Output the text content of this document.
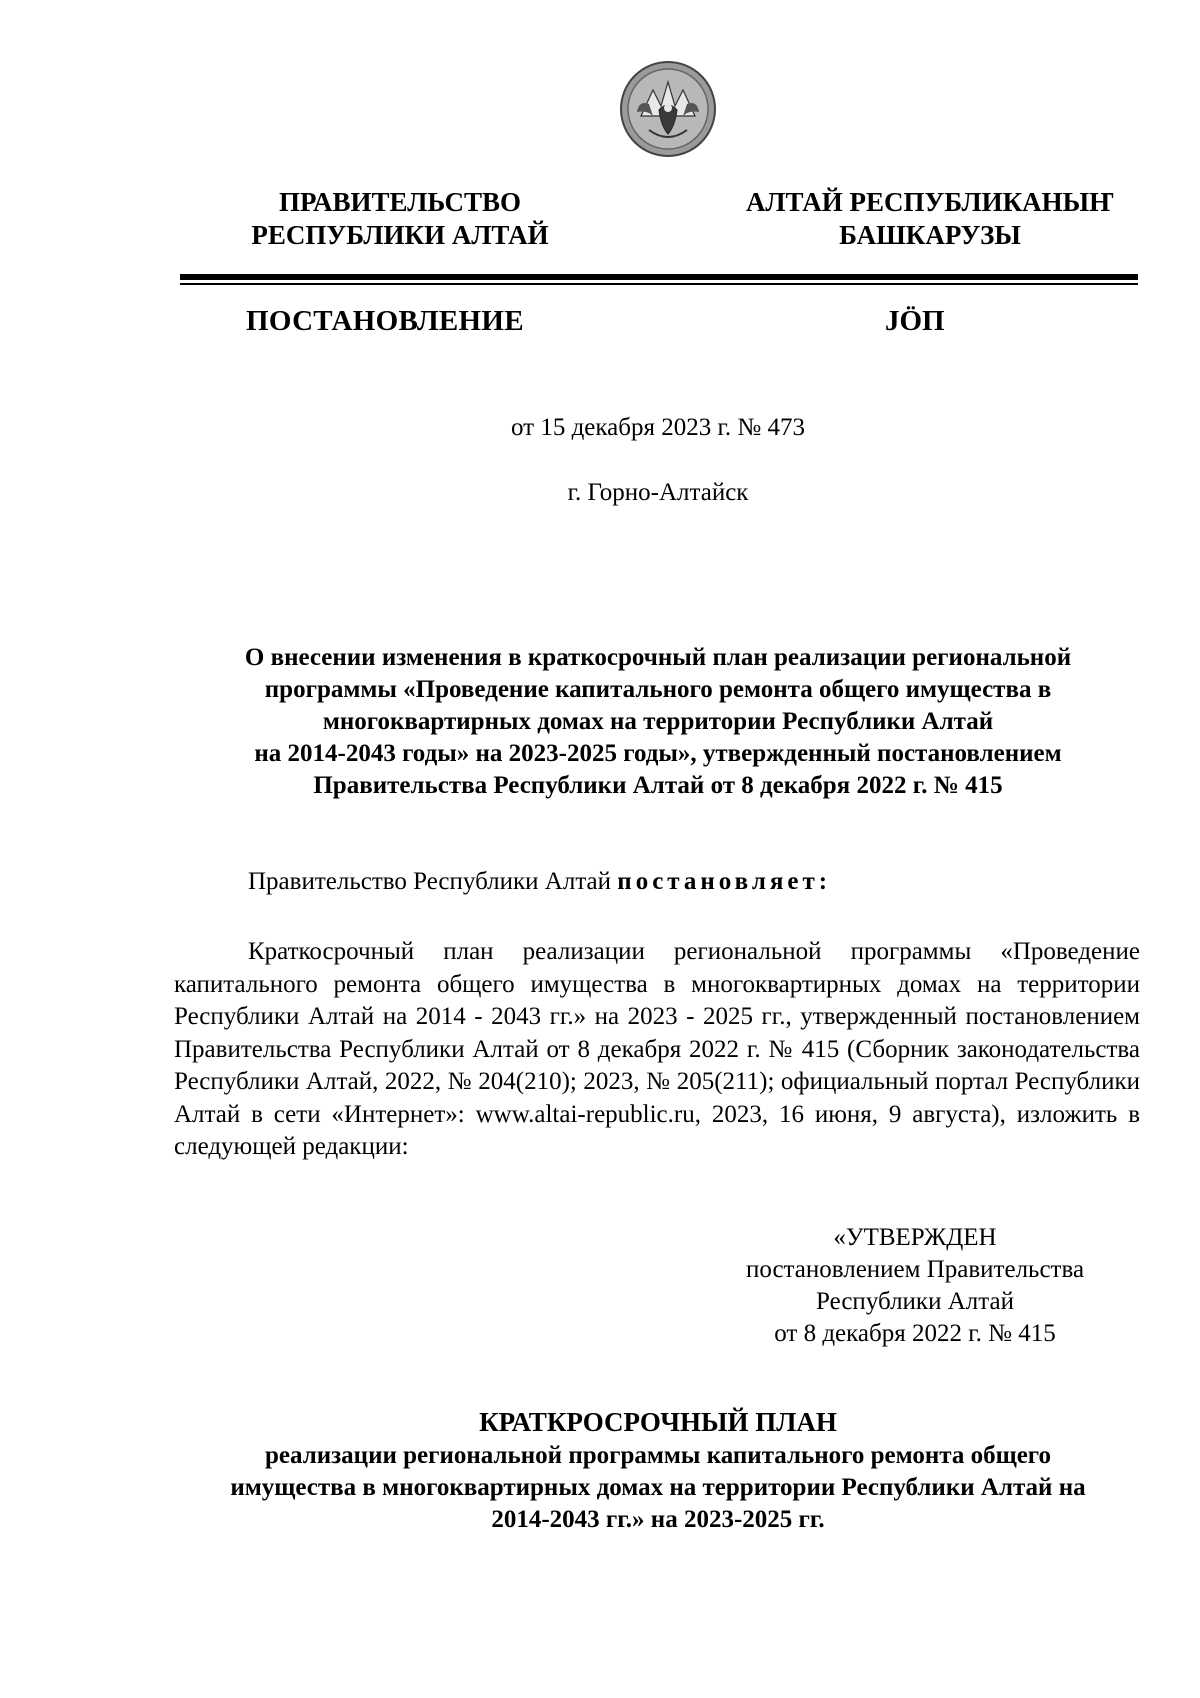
ПРАВИТЕЛЬСТВО
РЕСПУБЛИКИ АЛТАЙ
АЛТАЙ РЕСПУБЛИКАНЫҤ
БАШКАРУЗЫ
ПОСТАНОВЛЕНИЕ	JÖП
от 15 декабря 2023 г. № 473
г. Горно-Алтайск
О внесении изменения в краткосрочный план реализации региональной
программы «Проведение капитального ремонта общего имущества в
многоквартирных домах на территории Республики Алтай
на 2014-2043 годы» на 2023-2025 годы», утвержденный постановлением
Правительства Республики Алтай от 8 декабря 2022 г. № 415
Правительство Республики Алтай постановляет:
Краткосрочный план реализации региональной программы «Проведение капитального ремонта общего имущества в многоквартирных домах на территории Республики Алтай на 2014 - 2043 гг.» на 2023 - 2025 гг., утвержденный постановлением Правительства Республики Алтай от 8 декабря 2022 г. № 415 (Сборник законодательства Республики Алтай, 2022, № 204(210); 2023, № 205(211); официальный портал Республики Алтай в сети «Интернет»: www.altai-republic.ru, 2023, 16 июня, 9 августа), изложить в следующей редакции:
«УТВЕРЖДЕН
постановлением Правительства
Республики Алтай
от 8 декабря 2022 г. № 415
КРАТКРОСРОЧНЫЙ ПЛАН
реализации региональной программы капитального ремонта общего
имущества в многоквартирных домах на территории Республики Алтай на
2014-2043 гг.» на 2023-2025 гг.
